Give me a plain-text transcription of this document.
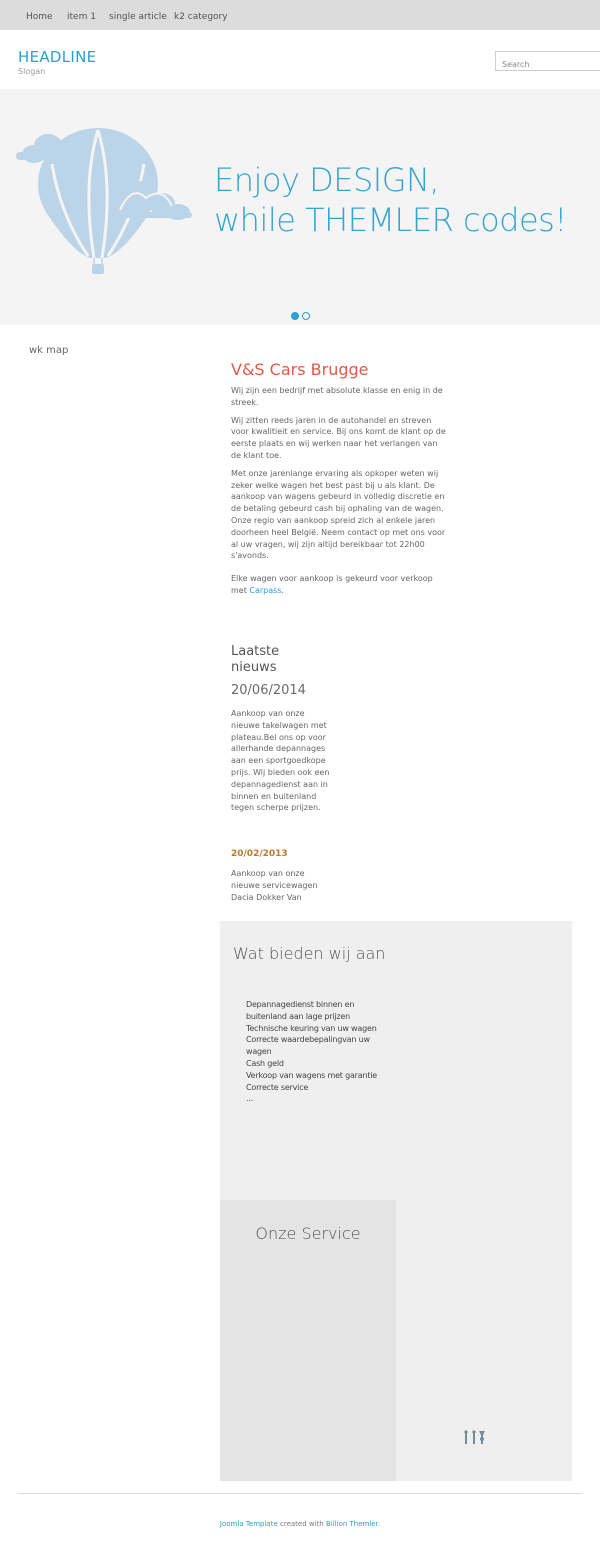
Home item 1 single article k2 category
HEADLINE
Slogan
Search
Enjoy DESIGN,
while THEMLER codes!
wk map
V&S Cars Brugge

Wij zijn een bedrijf met absolute klasse en enig in de streek.

Wij zitten reeds jaren in de autohandel en streven voor kwalitieit en service. Bij ons komt de klant op de eerste plaats en wij werken naar het verlangen van de klant toe.

Met onze jarenlange ervaring als opkoper weten wij zeker welke wagen het best past bij u als klant. De aankoop van wagens gebeurd in volledig discretie en de betaling gebeurd cash bij ophaling van de wagen. Onze regio van aankoop spreid zich al enkele jaren doorheen heel België. Neem contact op met ons voor al uw vragen, wij zijn altijd bereikbaar tot 22h00 s'avonds.

Elke wagen voor aankoop is gekeurd voor verkoop met Carpass.

Laatste nieuws
20/06/2014
Aankoop van onze nieuwe takelwagen met plateau.Bel ons op voor allerhande depannages aan een sportgoedkope prijs. Wij bieden ook een depannagedienst aan in binnen en buitenland tegen scherpe prijzen.
20/02/2013
Aankoop van onze nieuwe servicewagen Dacia Dokker Van
Wat bieden wij aan
Depannagedienst binnen en buitenland aan lage prijzen
Technische keuring van uw wagen
Correcte waardebepalingvan uw wagen
Cash geld
Verkoop van wagens met garantie
Correcte service
...
Onze Service
Joomla Template created with Billion Themler.
